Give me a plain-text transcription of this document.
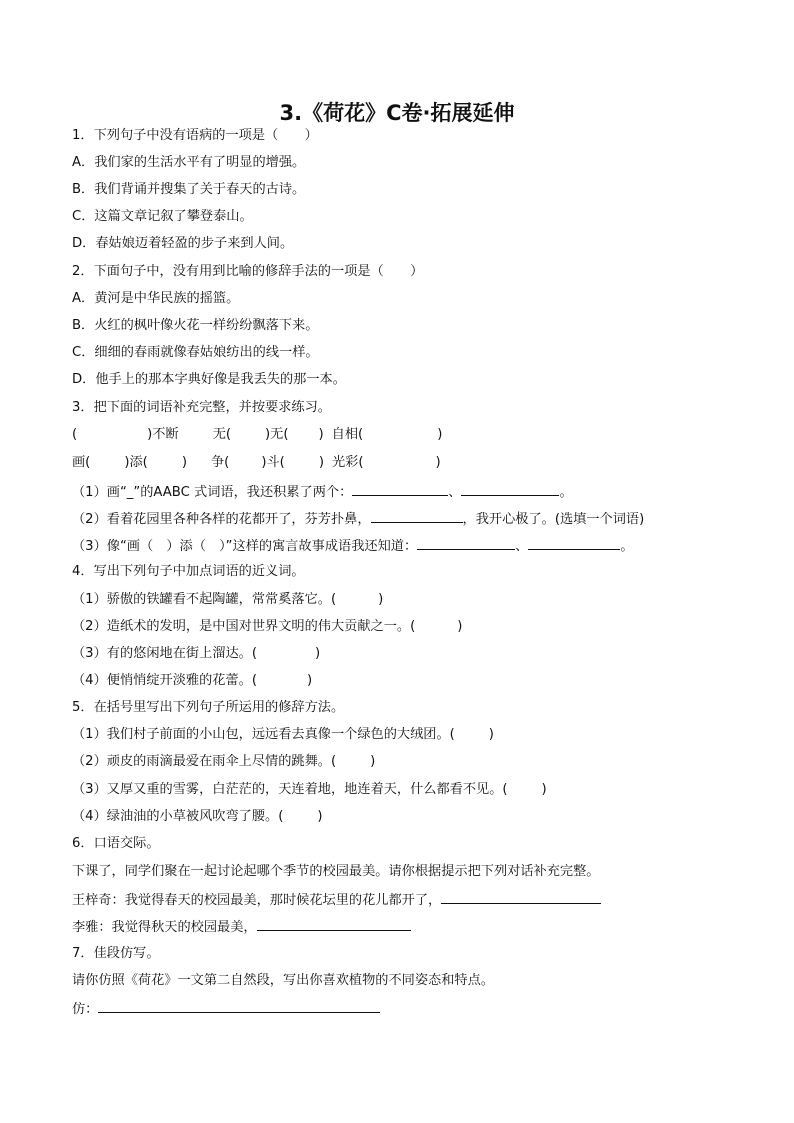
3.《荷花》C卷·拓展延伸
1．下列句子中没有语病的一项是（　　）
A．我们家的生活水平有了明显的增强。
B．我们背诵并搜集了关于春天的古诗。
C．这篇文章记叙了攀登泰山。
D．春姑娘迈着轻盈的步子来到人间。
2．下面句子中，没有用到比喻的修辞手法的一项是（　　）
A．黄河是中华民族的摇篮。
B．火红的枫叶像火花一样纷纷飘落下来。
C．细细的春雨就像春姑娘纺出的线一样。
D．他手上的那本字典好像是我丢失的那一本。
3．把下面的词语补充完整，并按要求练习。
(	)不断	无(	)无( ) 自相(	)
画(	)添(	) 争( )斗(	) 光彩(	)
（1）画“_”的AABC 式词语，我还积累了两个：	、	。
（2）看着花园里各种各样的花都开了，芬芳扑鼻，	，我开心极了。(选填一个词语)
（3）像“画（　）添（　）”这样的寓言故事成语我还知道：	、	。
4．写出下列句子中加点词语的近义词。
（1）骄傲的铁罐看不起陶罐，常常奚落它。(	)
（2）造纸术的发明，是中国对世界文明的伟大贡献之一。(	)
（3）有的悠闲地在街上溜达。(	)
（4）便悄悄绽开淡雅的花蕾。(	)
5．在括号里写出下列句子所运用的修辞方法。
（1）我们村子前面的小山包，远远看去真像一个绿色的大绒团。(	)
（2）顽皮的雨滴最爱在雨伞上尽情的跳舞。(	)
（3）又厚又重的雪雾，白茫茫的，天连着地，地连着天，什么都看不见。(	)
（4）绿油油的小草被风吹弯了腰。(	)
6．口语交际。
下课了，同学们聚在一起讨论起哪个季节的校园最美。请你根据提示把下列对话补充完整。
王梓奇：我觉得春天的校园最美，那时候花坛里的花儿都开了，
李雅：我觉得秋天的校园最美，
7．佳段仿写。
请你仿照《荷花》一文第二自然段，写出你喜欢植物的不同姿态和特点。
仿：
